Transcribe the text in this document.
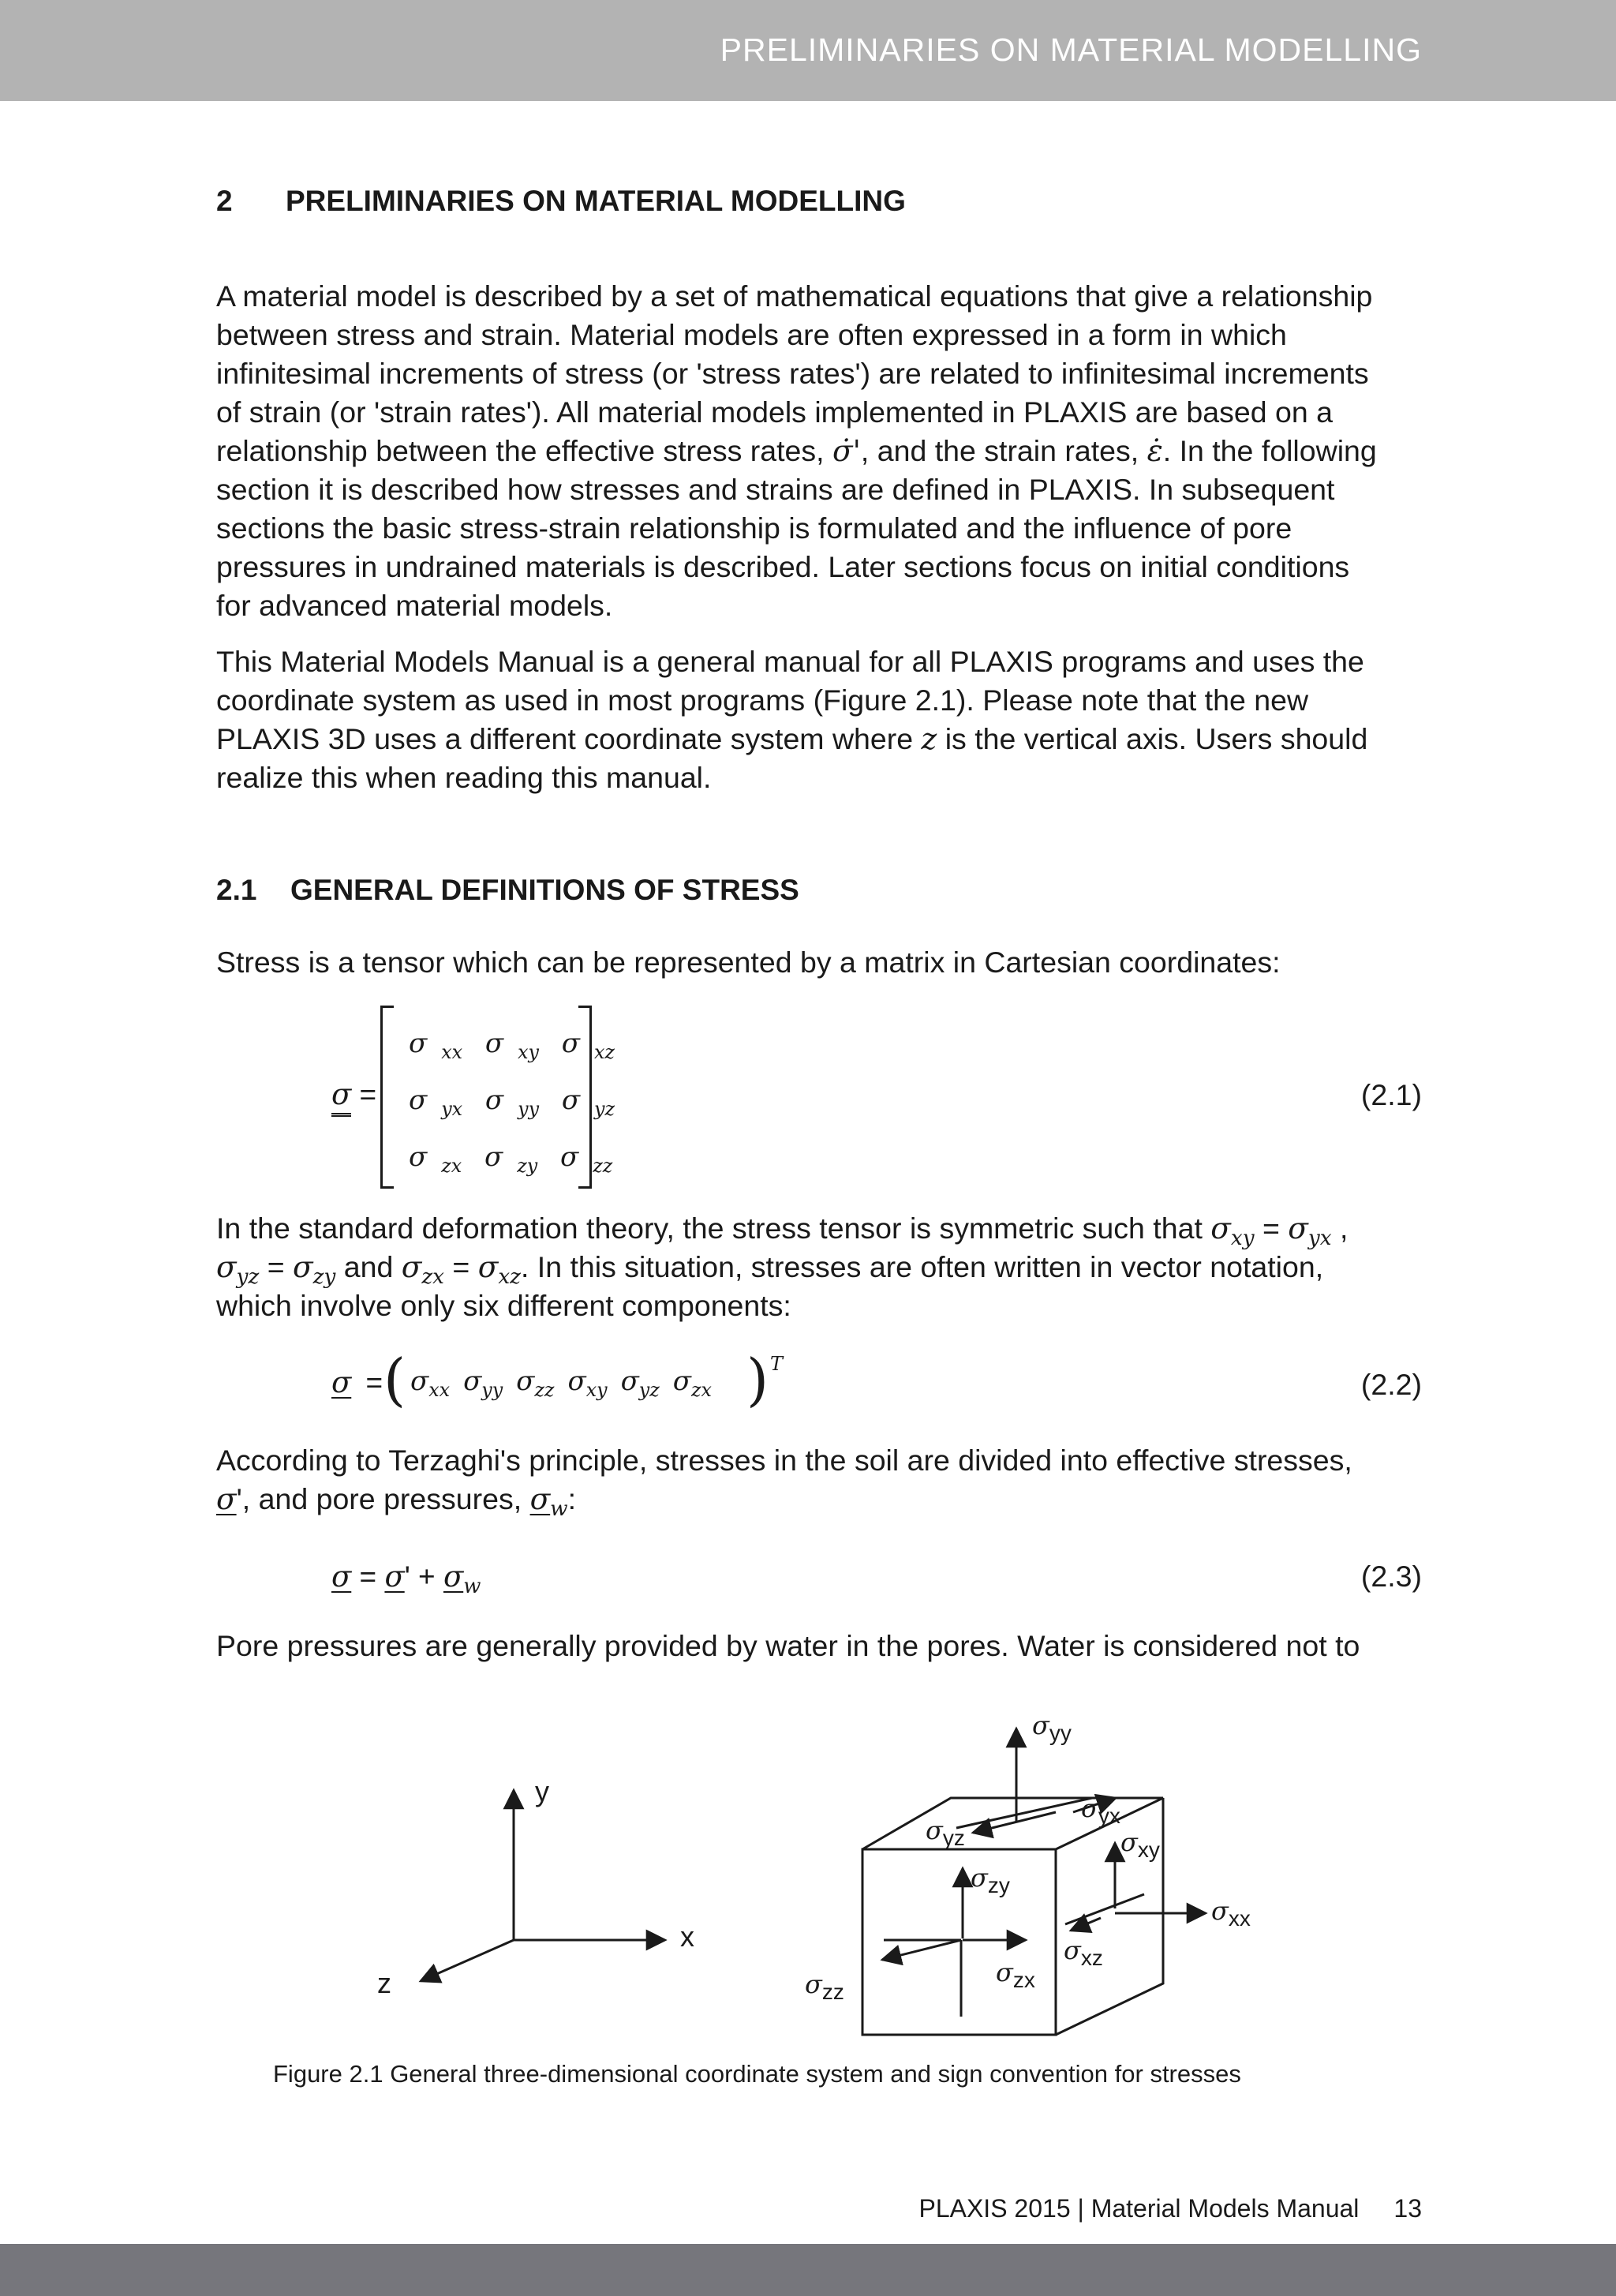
PRELIMINARIES ON MATERIAL MODELLING
2 PRELIMINARIES ON MATERIAL MODELLING

A material model is described by a set of mathematical equations that give a relationship

between stress and strain. Material models are often expressed in a form in which

infinitesimal increments of stress (or 'stress rates') are related to infinitesimal increments

of strain (or 'strain rates'). All material models implemented in PLAXIS are based on a

relationship between the effective stress rates, σ̇', and the strain rates, ε̇. In the following

section it is described how stresses and strains are defined in PLAXIS. In subsequent

sections the basic stress-strain relationship is formulated and the influence of pore

pressures in undrained materials is described. Later sections focus on initial conditions

for advanced material models.

This Material Models Manual is a general manual for all PLAXIS programs and uses the

coordinate system as used in most programs (Figure 2.1). Please note that the new

PLAXIS 3D uses a different coordinate system where z is the vertical axis. Users should

realize this when reading this manual.

2.1 GENERAL DEFINITIONS OF STRESS

Stress is a tensor which can be represented by a matrix in Cartesian coordinates:

σ =
σ $_{xx}$ σ $_{xy}$ σ $_{xz}$
σ $_{yx}$ σ $_{yy}$ σ $_{yz}$
σ $_{zx}$ σ $_{zy}$ σ $_{zz}$
(2.1)

In the standard deformation theory, the stress tensor is symmetric such that $\sigma_{xy} = \sigma_{yx}$ ,

$\sigma_{yz} = \sigma_{zy}$ and $\sigma_{zx} = \sigma_{xz}$. In this situation, stresses are often written in vector notation,

which involve only six different components:

σ = ( $\sigma_{xx}$  $\sigma_{yy}$  $\sigma_{zz}$  $\sigma_{xy}$  $\sigma_{yz}$  $\sigma_{zx}$ ) T
(2.2)

According to Terzaghi's principle, stresses in the soil are divided into effective stresses,

σ', and pore pressures, $\sigma_w$:

$\sigma = \sigma' + \sigma_w$	(2.3)

Pore pressures are generally provided by water in the pores. Water is considered not to

y
x
z
σyy
σyx
σyz	σxy
σzy
σxx
σxz
σzx
σzz
Figure 2.1 General three-dimensional coordinate system and sign convention for stresses
PLAXIS 2015 | Material Models Manual 13
